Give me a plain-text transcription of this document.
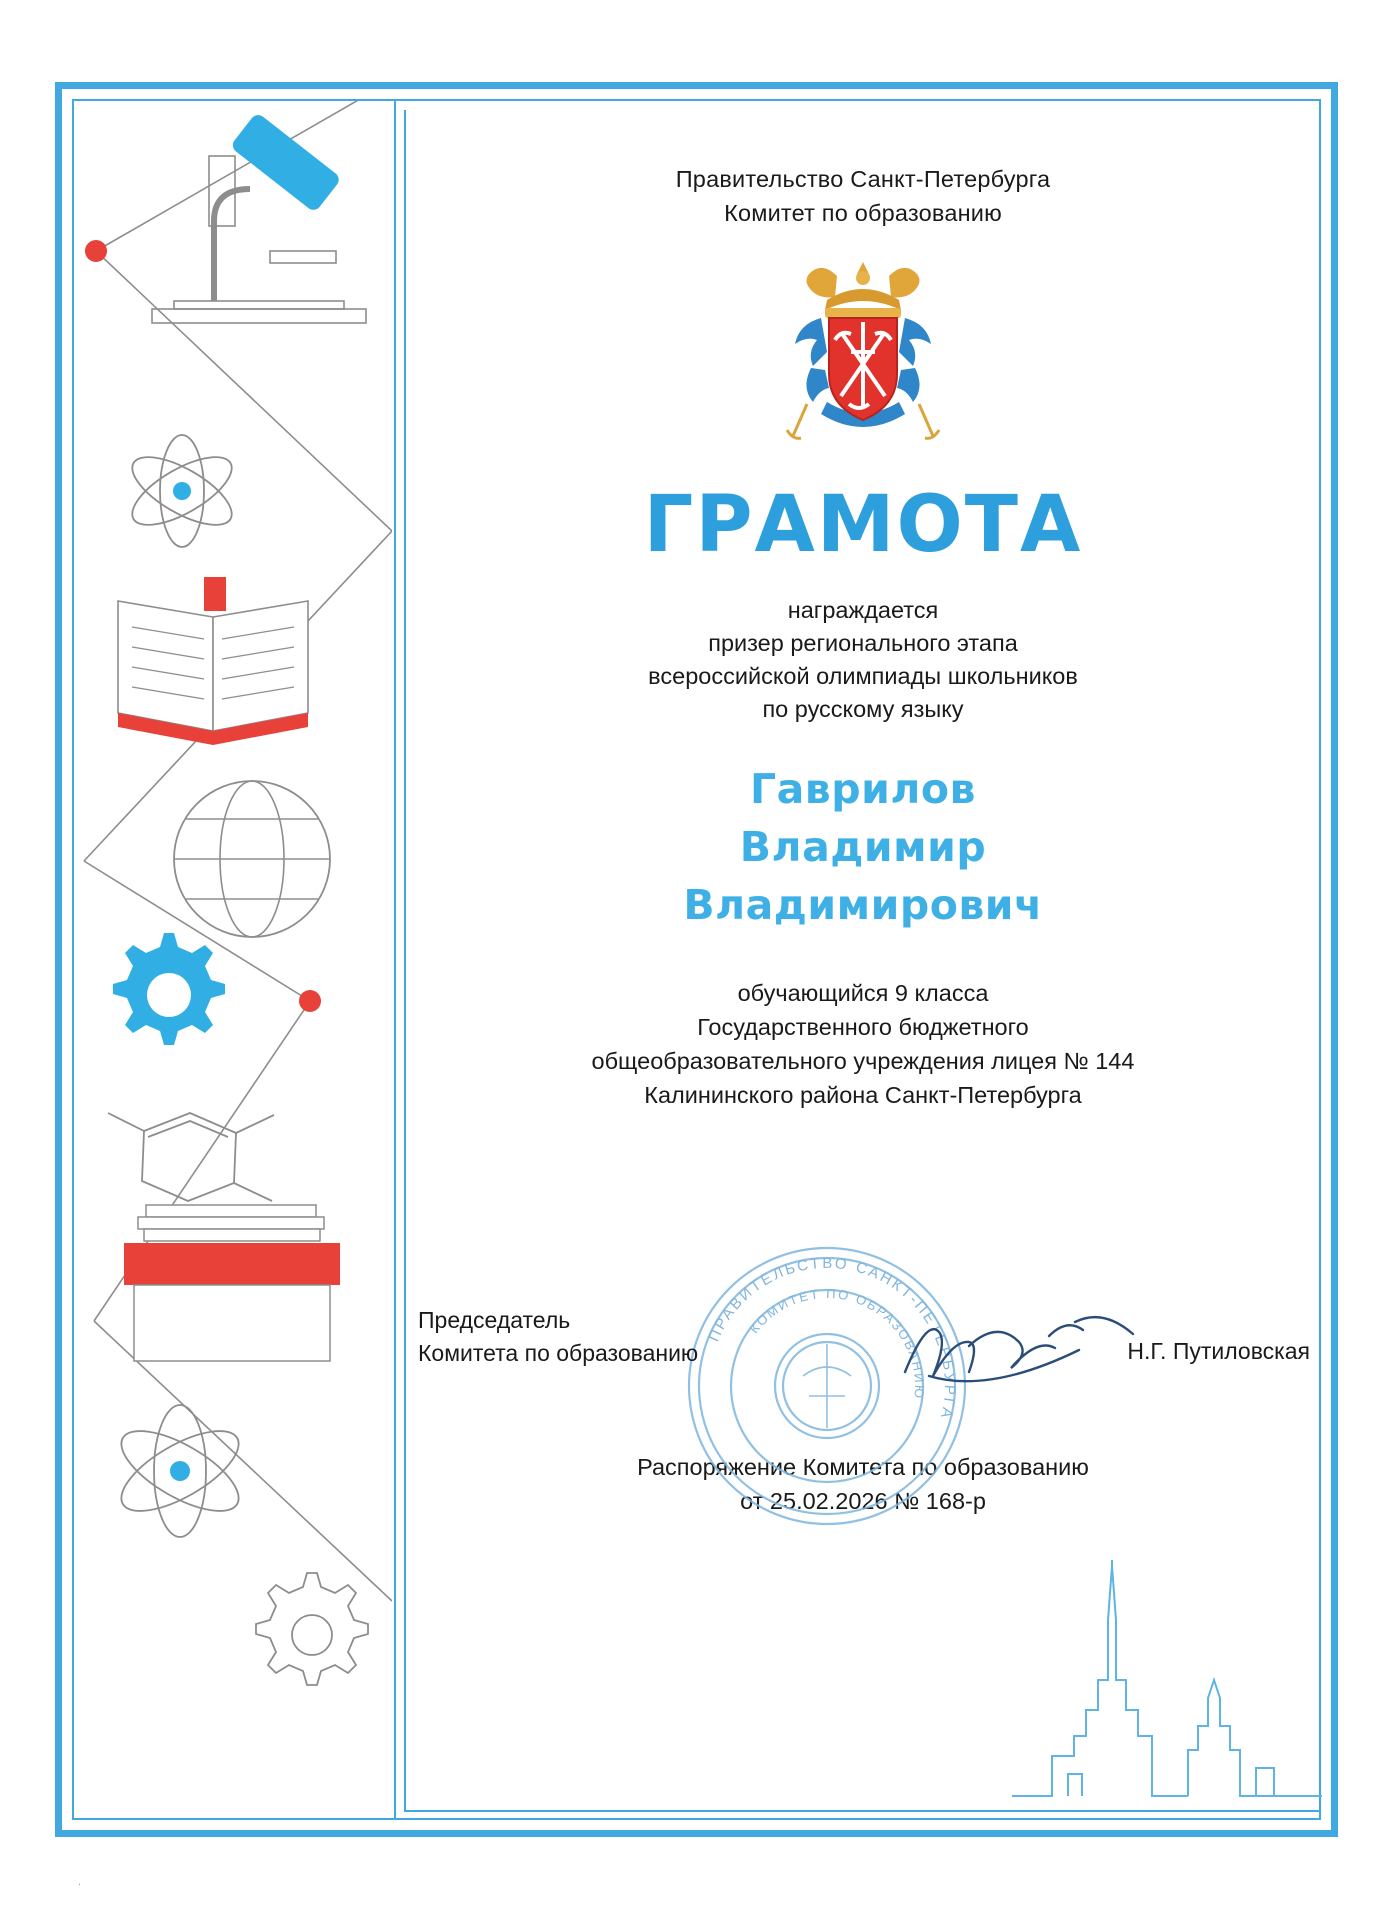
Правительство Санкт-Петербурга
Комитет по образованию
ГРАМОТА
награждается
призер регионального этапа
всероссийской олимпиады школьников
по русскому языку
Гаврилов
Владимир
Владимирович
обучающийся 9 класса
Государственного бюджетного
общеобразовательного учреждения лицея № 144
Калининского района Санкт-Петербурга
ПРАВИТЕЛЬСТВО САНКТ-ПЕТЕРБУРГА
КОМИТЕТ ПО ОБРАЗОВАНИЮ
Председатель
Комитета по образованию	Н.Г. Путиловская
Распоряжение Комитета по образованию
от 25.02.2026 № 168-р
.
